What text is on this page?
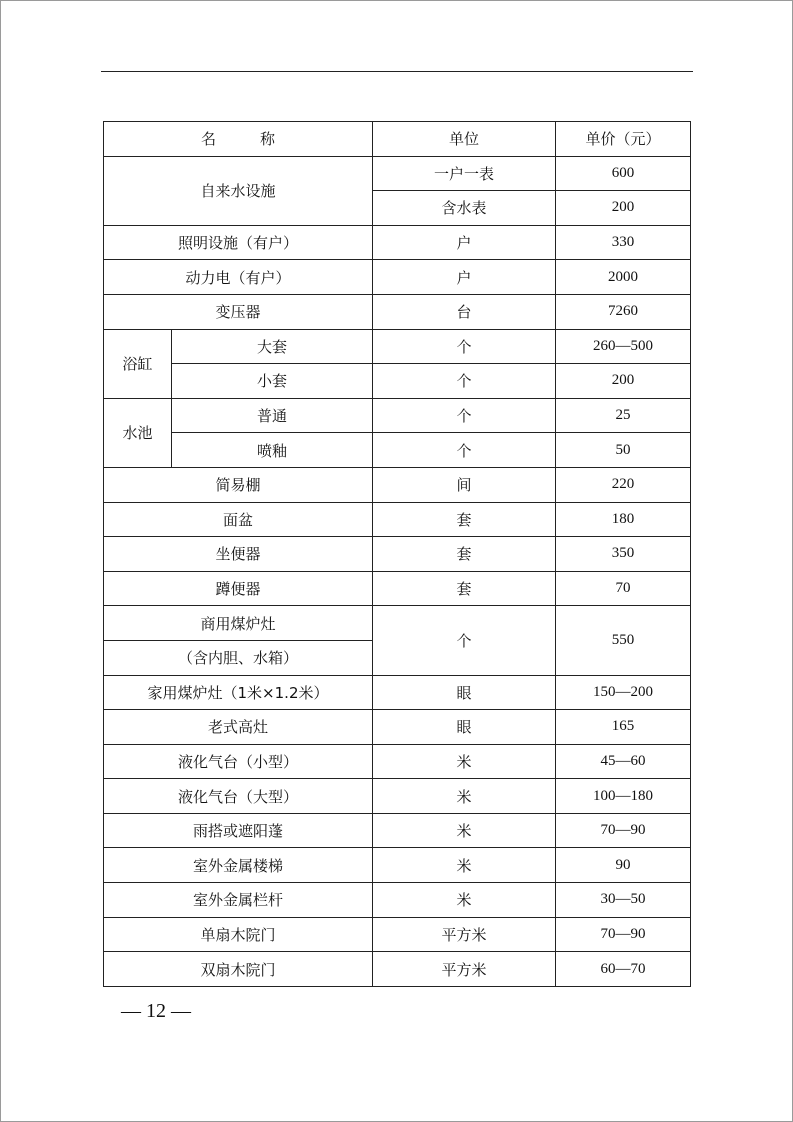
名 称		单位	单价（元）
自来水设施		一户一表	600
		含水表	200
照明设施（有户）		户	330
动力电（有户）		户	2000
变压器		台	7260
浴缸	大套	个	260—500
	小套	个	200
水池	普通	个	25
	喷釉	个	50
简易棚		间	220
面盆		套	180
坐便器		套	350
蹲便器		套	70
商用煤炉灶		个	550
（含内胆、水箱）			
家用煤炉灶（1米×1.2米）		眼	150—200
老式高灶		眼	165
液化气台（小型）		米	45—60
液化气台（大型）		米	100—180
雨搭或遮阳蓬		米	70—90
室外金属楼梯		米	90
室外金属栏杆		米	30—50
单扇木院门		平方米	70—90
双扇木院门		平方米	60—70
— 12 —
